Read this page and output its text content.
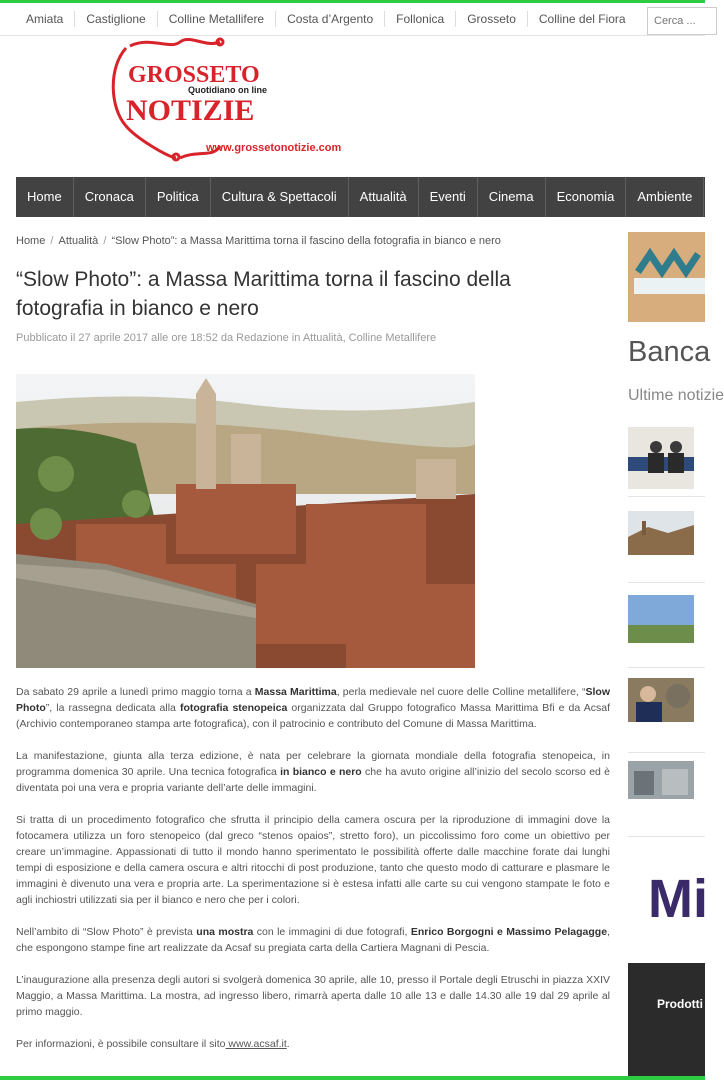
Amiata	Castiglione	Colline Metallifere	Costa d’Argento	Follonica	Grosseto	Colline del Fiora
Cerca ...
GROSSETO
NOTIZIE
Quotidiano on line
www.grossetonotizie.com
Home	Cronaca	Politica	Cultura & Spettacoli	Attualità	Eventi	Cinema	Economia	Ambiente
Home / Attualità / “Slow Photo”: a Massa Marittima torna il fascino della fotografia in bianco e nero
“Slow Photo”: a Massa Marittima torna il fascino della fotografia in bianco e nero
Pubblicato il 27 aprile 2017 alle ore 18:52 da Redazione in Attualità, Colline Metallifere

Da sabato 29 aprile a lunedì primo maggio torna a Massa Marittima, perla medievale nel cuore delle Colline metallifere, “Slow Photo”, la rassegna dedicata alla fotografia stenopeica organizzata dal Gruppo fotografico Massa Marittima Bfi e da Acsaf (Archivio contemporaneo stampa arte fotografica), con il patrocinio e contributo del Comune di Massa Marittima.

La manifestazione, giunta alla terza edizione, è nata per celebrare la giornata mondiale della fotografia stenopeica, in programma domenica 30 aprile. Una tecnica fotografica in bianco e nero che ha avuto origine all’inizio del secolo scorso ed è diventata poi una vera e propria variante dell’arte delle immagini.

Si tratta di un procedimento fotografico che sfrutta il principio della camera oscura per la riproduzione di immagini dove la fotocamera utilizza un foro stenopeico (dal greco “stenos opaios”, stretto foro), un piccolissimo foro come un obiettivo per creare un’immagine. Appassionati di tutto il mondo hanno sperimentato le possibilità offerte dalle macchine forate dai lunghi tempi di esposizione e della camera oscura e altri ritocchi di post produzione, tanto che questo modo di catturare e plasmare le immagini è divenuto una vera e propria arte. La sperimentazione si è estesa infatti alle carte su cui vengono stampate le foto e agli inchiostri utilizzati sia per il bianco e nero che per i colori.

Nell’ambito di “Slow Photo” è prevista una mostra con le immagini di due fotografi, Enrico Borgogni e Massimo Pelagagge, che espongono stampe fine art realizzate da Acsaf su pregiata carta della Cartiera Magnani di Pescia.

L’inaugurazione alla presenza degli autori si svolgerà domenica 30 aprile, alle 10, presso il Portale degli Etruschi in piazza XXIV Maggio, a Massa Marittima. La mostra, ad ingresso libero, rimarrà aperta dalle 10 alle 13 e dalle 14.30 alle 19 dal 29 aprile al primo maggio.

Per informazioni, è possibile consultare il sito www.acsaf.it.

Banca
Ultime notizie
Mi
Prodotti
